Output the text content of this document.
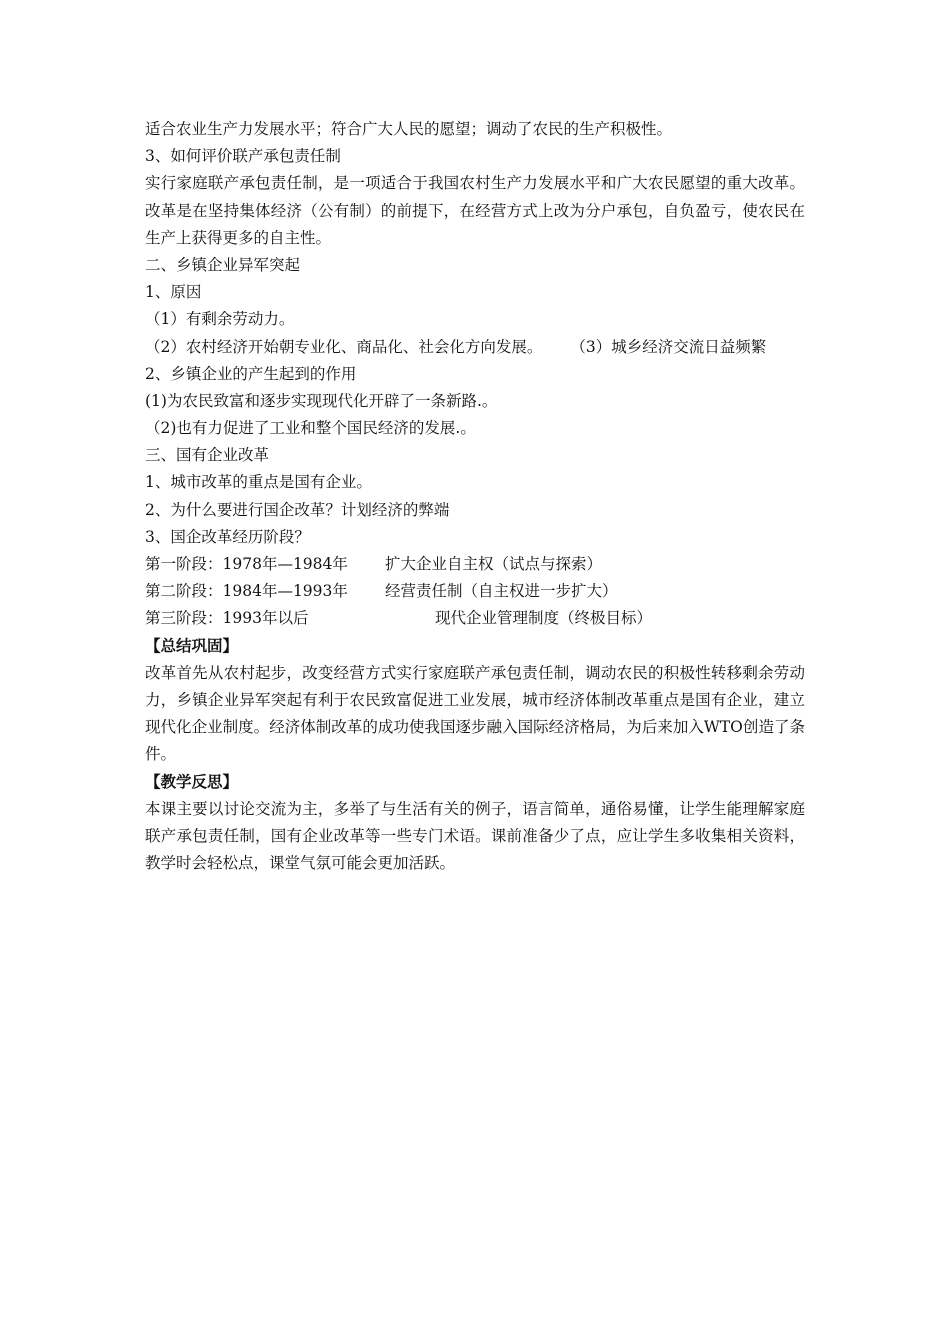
适合农业生产力发展水平；符合广大人民的愿望；调动了农民的生产积极性。
3、如何评价联产承包责任制
实行家庭联产承包责任制，是一项适合于我国农村生产力发展水平和广大农民愿望的重大改革。改革是在坚持集体经济（公有制）的前提下，在经营方式上改为分户承包，自负盈亏，使农民在生产上获得更多的自主性。
二、乡镇企业异军突起
1、原因
（1）有剩余劳动力。
（2）农村经济开始朝专业化、商品化、社会化方向发展。 （3）城乡经济交流日益频繁
2、乡镇企业的产生起到的作用
(1)为农民致富和逐步实现现代化开辟了一条新路.。
（2)也有力促进了工业和整个国民经济的发展.。
三、国有企业改革
1、城市改革的重点是国有企业。
2、为什么要进行国企改革？计划经济的弊端
3、国企改革经历阶段？
第一阶段：1978年—1984年 扩大企业自主权（试点与探索）
第二阶段：1984年—1993年 经营责任制（自主权进一步扩大）
第三阶段：1993年以后	现代企业管理制度（终极目标）
【总结巩固】
改革首先从农村起步，改变经营方式实行家庭联产承包责任制，调动农民的积极性转移剩余劳动力，乡镇企业异军突起有利于农民致富促进工业发展，城市经济体制改革重点是国有企业，建立现代化企业制度。经济体制改革的成功使我国逐步融入国际经济格局，为后来加入WTO创造了条件。
【教学反思】
本课主要以讨论交流为主，多举了与生活有关的例子，语言简单，通俗易懂，让学生能理解家庭联产承包责任制，国有企业改革等一些专门术语。课前准备少了点，应让学生多收集相关资料，教学时会轻松点，课堂气氛可能会更加活跃。
